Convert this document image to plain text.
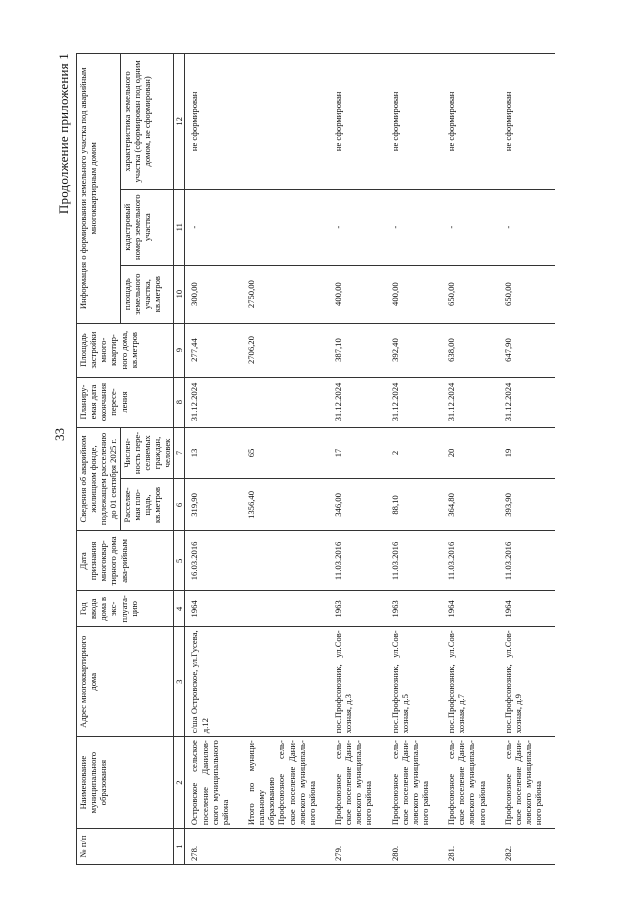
33
Продолжение приложения 1
№ п/п	Наименование муниципального образования	Адрес многоквартирного дома	Год ввода дома в экс-плуата-цию	Дата признания многоквар-тирного дома ава-рийным	Сведения об аварийном жилищном фонде, подлежащем расселению до 01 сентября 2025 г.		Планиру-емая дата окончания пересе-ления	Площадь застройки много-квартир-ного дома, кв.метров	Информация о формировании земельного участка под аварийным многоквартирным домом		
					Расселяе-мая пло-щадь, кв.метров	Числен-ность пере-селяемых граждан, человек			площадь земельного участка, кв.метров	кадастровый номер земельного участка	характеристика земельного участка (сформирован под одним домом, не сформирован)
1	2	3	4	5	6	7	8	9	10	11	12
278.	Островское сельское поселение Данилов-ского муниципального района	с/ша Островское, ул.Гусева, д.12	1964	16.03.2016	319,90	13	31.12.2024	277,44	300,00	-	не сформирован
	Итого по муници-пальному образованию Профсоюзное сель-ское поселение Дани-ловского муниципаль-ного района				1356,40	65		2706,20	2750,00		
279.	Профсоюзное сель-ское поселение Дани-ловского муниципаль-ного района	пос.Профсоюзник, ул.Сов-хозная, д.3	1963	11.03.2016	346,00	17	31.12.2024	387,10	400,00	-	не сформирован
280.	Профсоюзное сель-ское поселение Дани-ловского муниципаль-ного района	пос.Профсоюзник, ул.Сов-хозная, д.5	1963	11.03.2016	88,10	2	31.12.2024	392,40	400,00	-	не сформирован
281.	Профсоюзное сель-ское поселение Дани-ловского муниципаль-ного района	пос.Профсоюзник, ул.Сов-хозная, д.7	1964	11.03.2016	364,80	20	31.12.2024	638,00	650,00	-	не сформирован
282.	Профсоюзное сель-ское поселение Дани-ловского муниципаль-ного района	пос.Профсоюзник, ул.Сов-хозная, д.9	1964	11.03.2016	393,90	19	31.12.2024	647,90	650,00	-	не сформирован
